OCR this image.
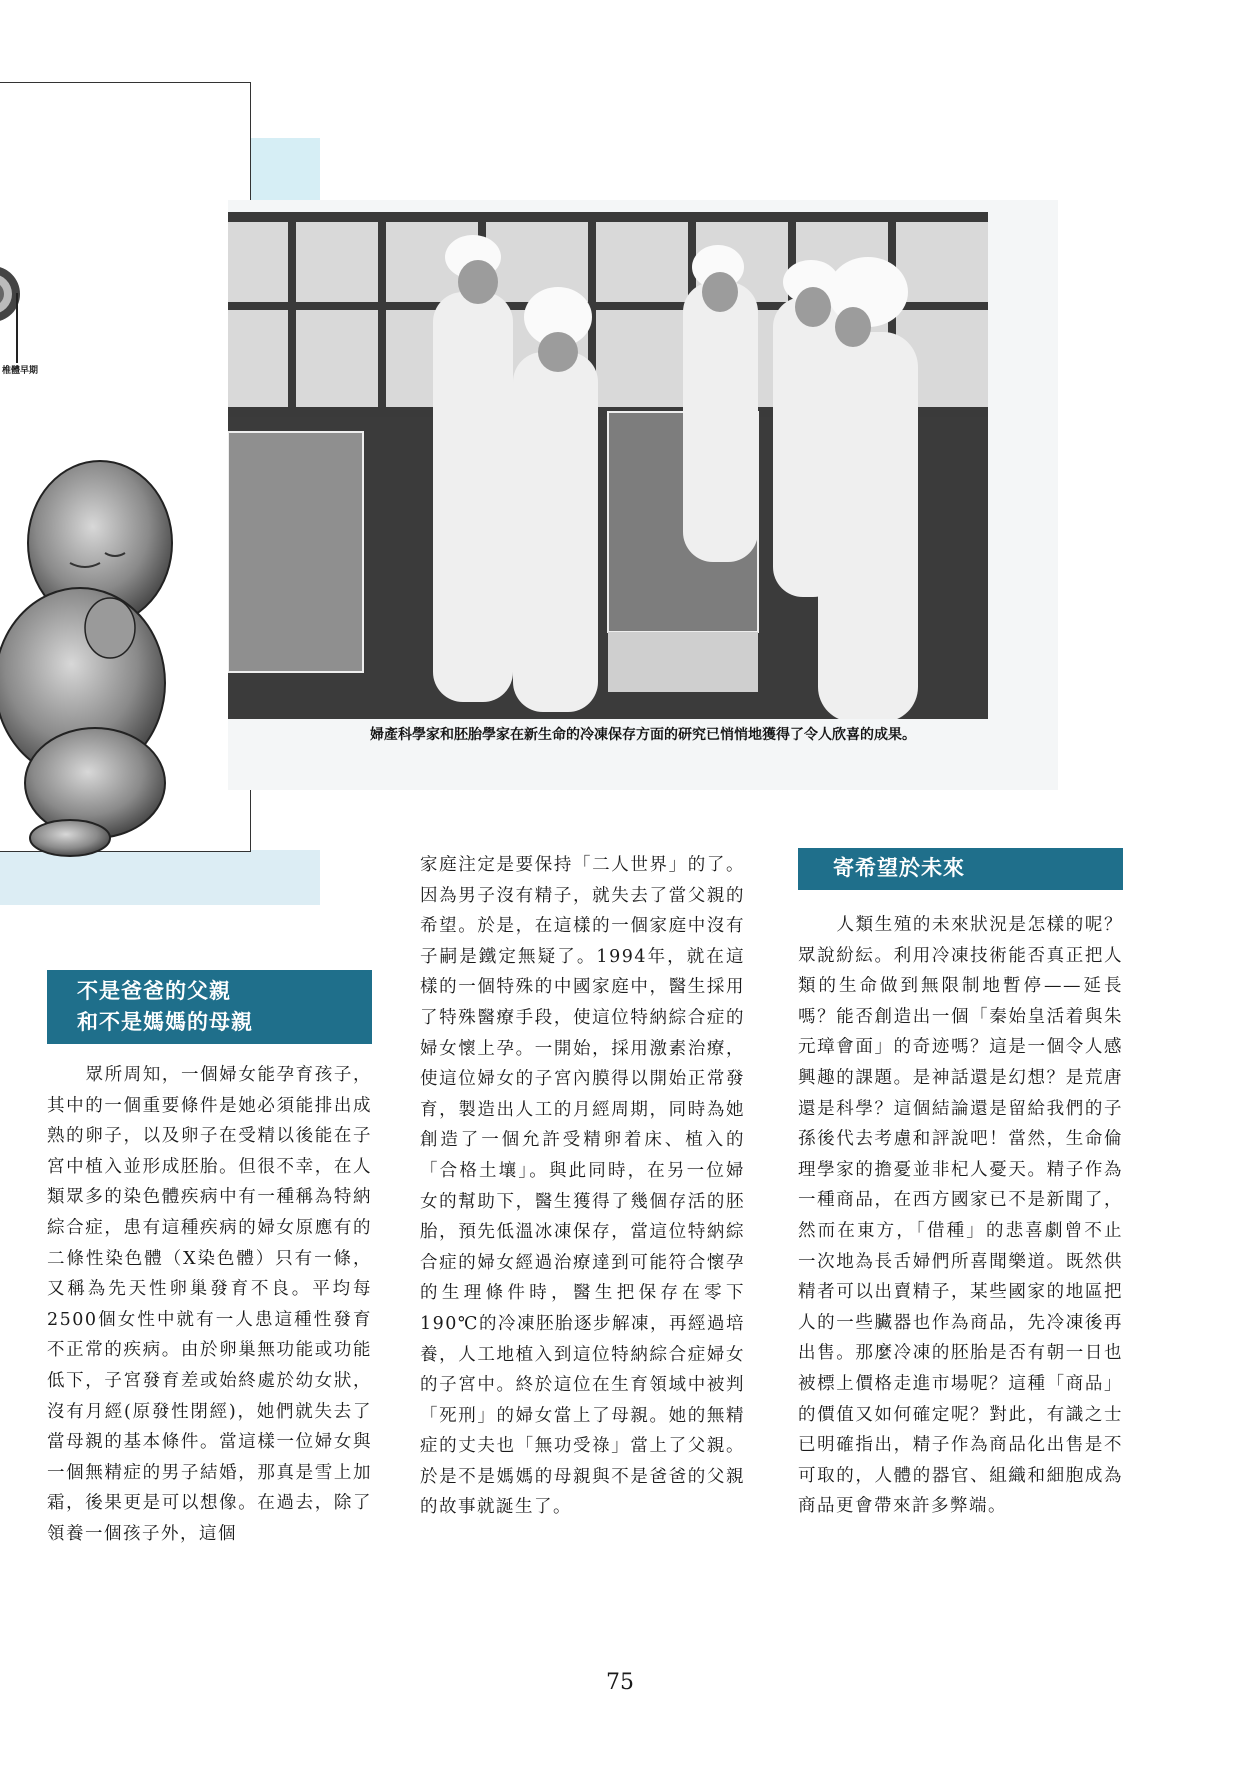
椎體早期
婦產科學家和胚胎學家在新生命的冷凍保存方面的研究已悄悄地獲得了令人欣喜的成果。
不是爸爸的父親
和不是媽媽的母親

眾所周知，一個婦女能孕育孩子，其中的一個重要條件是她必須能排出成熟的卵子，以及卵子在受精以後能在子宮中植入並形成胚胎。但很不幸，在人類眾多的染色體疾病中有一種稱為特納綜合症，患有這種疾病的婦女原應有的二條性染色體（X染色體）只有一條，又稱為先天性卵巢發育不良。平均每2500個女性中就有一人患這種性發育不正常的疾病。由於卵巢無功能或功能低下，子宮發育差或始終處於幼女狀，沒有月經(原發性閉經)，她們就失去了當母親的基本條件。當這樣一位婦女與一個無精症的男子結婚，那真是雪上加霜，後果更是可以想像。在過去，除了領養一個孩子外，這個

家庭注定是要保持「二人世界」的了。因為男子沒有精子，就失去了當父親的希望。於是，在這樣的一個家庭中沒有子嗣是鐵定無疑了。1994年，就在這樣的一個特殊的中國家庭中，醫生採用了特殊醫療手段，使這位特納綜合症的婦女懷上孕。一開始，採用激素治療，使這位婦女的子宮內膜得以開始正常發育，製造出人工的月經周期，同時為她創造了一個允許受精卵着床、植入的「合格土壤」。與此同時，在另一位婦女的幫助下，醫生獲得了幾個存活的胚胎，預先低溫冰凍保存，當這位特納綜合症的婦女經過治療達到可能符合懷孕的生理條件時，醫生把保存在零下190℃的冷凍胚胎逐步解凍，再經過培養，人工地植入到這位特納綜合症婦女的子宮中。終於這位在生育領域中被判「死刑」的婦女當上了母親。她的無精症的丈夫也「無功受祿」當上了父親。於是不是媽媽的母親與不是爸爸的父親的故事就誕生了。

寄希望於未來

人類生殖的未來狀況是怎樣的呢？眾說紛紜。利用冷凍技術能否真正把人類的生命做到無限制地暫停——延長嗎？能否創造出一個「秦始皇活着與朱元璋會面」的奇迹嗎？這是一個令人感興趣的課題。是神話還是幻想？是荒唐還是科學？這個結論還是留給我們的子孫後代去考慮和評說吧！當然，生命倫理學家的擔憂並非杞人憂天。精子作為一種商品，在西方國家已不是新聞了，然而在東方，「借種」的悲喜劇曾不止一次地為長舌婦們所喜聞樂道。既然供精者可以出賣精子，某些國家的地區把人的一些臟器也作為商品，先冷凍後再出售。那麼冷凍的胚胎是否有朝一日也被標上價格走進市場呢？這種「商品」的價值又如何確定呢？對此，有識之士已明確指出，精子作為商品化出售是不可取的，人體的器官、組織和細胞成為商品更會帶來許多弊端。

75
